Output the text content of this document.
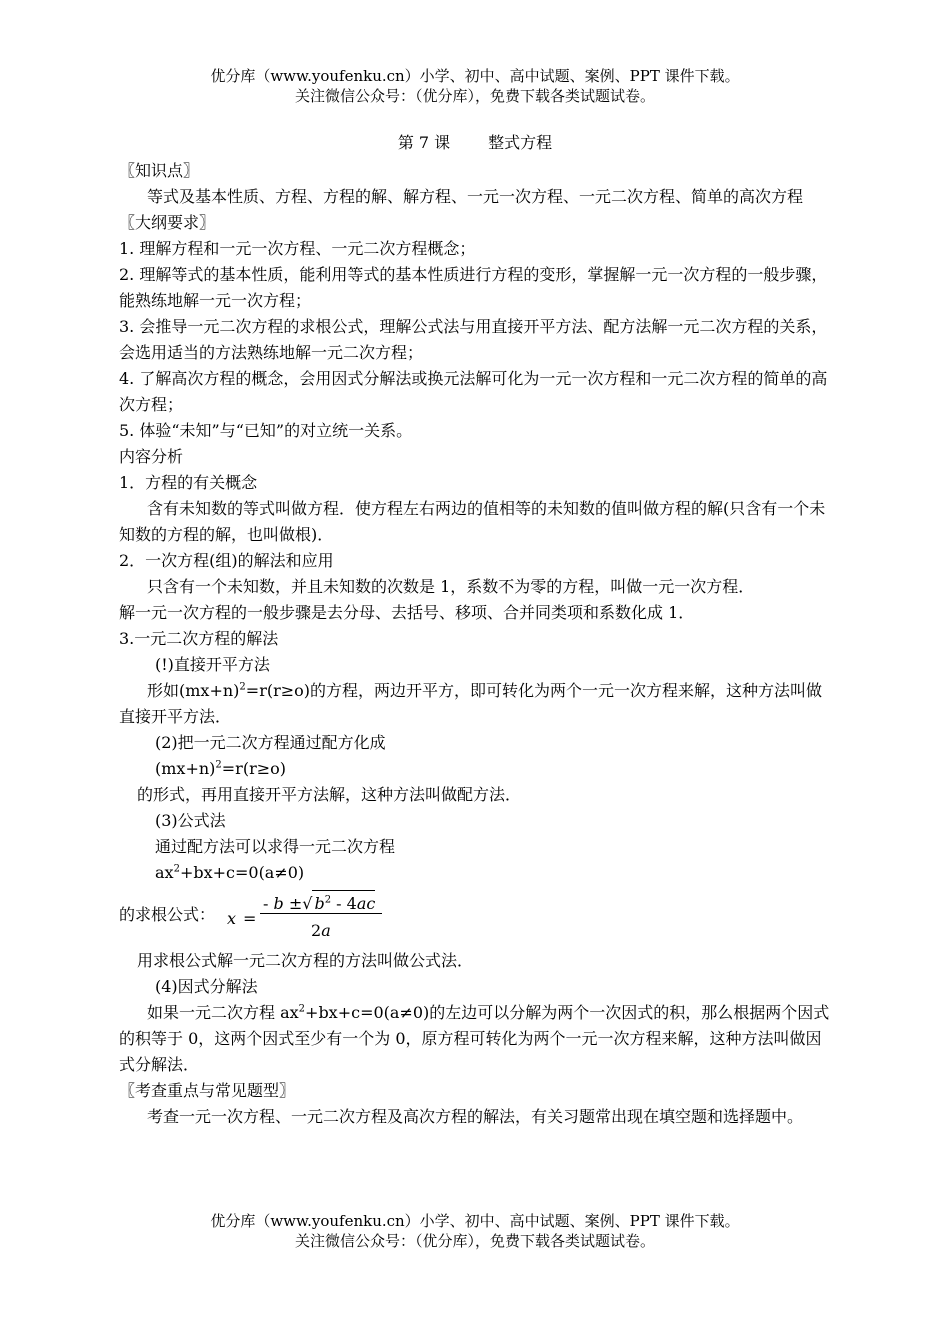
优分库（www.youfenku.cn）小学、初中、高中试题、案例、PPT 课件下载。
关注微信公众号：（优分库），免费下载各类试题试卷。
第 7 课 整式方程

〖知识点〗

等式及基本性质、方程、方程的解、解方程、一元一次方程、一元二次方程、简单的高次方程

〖大纲要求〗

1. 理解方程和一元一次方程、一元二次方程概念；

2. 理解等式的基本性质，能利用等式的基本性质进行方程的变形，掌握解一元一次方程的一般步骤，能熟练地解一元一次方程；

3. 会推导一元二次方程的求根公式，理解公式法与用直接开平方法、配方法解一元二次方程的关系，会选用适当的方法熟练地解一元二次方程；

4. 了解高次方程的概念，会用因式分解法或换元法解可化为一元一次方程和一元二次方程的简单的高次方程；

5. 体验“未知”与“已知”的对立统一关系。

内容分析

1．方程的有关概念

含有未知数的等式叫做方程．使方程左右两边的值相等的未知数的值叫做方程的解(只含有一个未知数的方程的解，也叫做根)．

2．一次方程(组)的解法和应用

只含有一个未知数，并且未知数的次数是 1，系数不为零的方程，叫做一元一次方程．

解一元一次方程的一般步骤是去分母、去括号、移项、合并同类项和系数化成 1．

3.一元二次方程的解法

(!)直接开平方法

形如$(mx+n)^2=r(r\ge o)$的方程，两边开平方，即可转化为两个一元一次方程来解，这种方法叫做直接开平方法．

(2)把一元二次方程通过配方化成

$(mx+n)^2=r(r\ge o)$

的形式，再用直接开平方法解，这种方法叫做配方法．

(3)公式法

通过配方法可以求得一元二次方程

$ax^2+bx+c=0(a\ne 0)$

的求根公式： x =
- b ±√ $b^2 - 4ac$
2a

用求根公式解一元二次方程的方法叫做公式法．

(4)因式分解法

如果一元二次方程 $ax^2+bx+c=0(a\ne 0)$的左边可以分解为两个一次因式的积，那么根据两个因式的积等于 0，这两个因式至少有一个为 0，原方程可转化为两个一元一次方程来解，这种方法叫做因式分解法．

〖考查重点与常见题型〗

考查一元一次方程、一元二次方程及高次方程的解法，有关习题常出现在填空题和选择题中。

优分库（www.youfenku.cn）小学、初中、高中试题、案例、PPT 课件下载。
关注微信公众号：（优分库），免费下载各类试题试卷。
